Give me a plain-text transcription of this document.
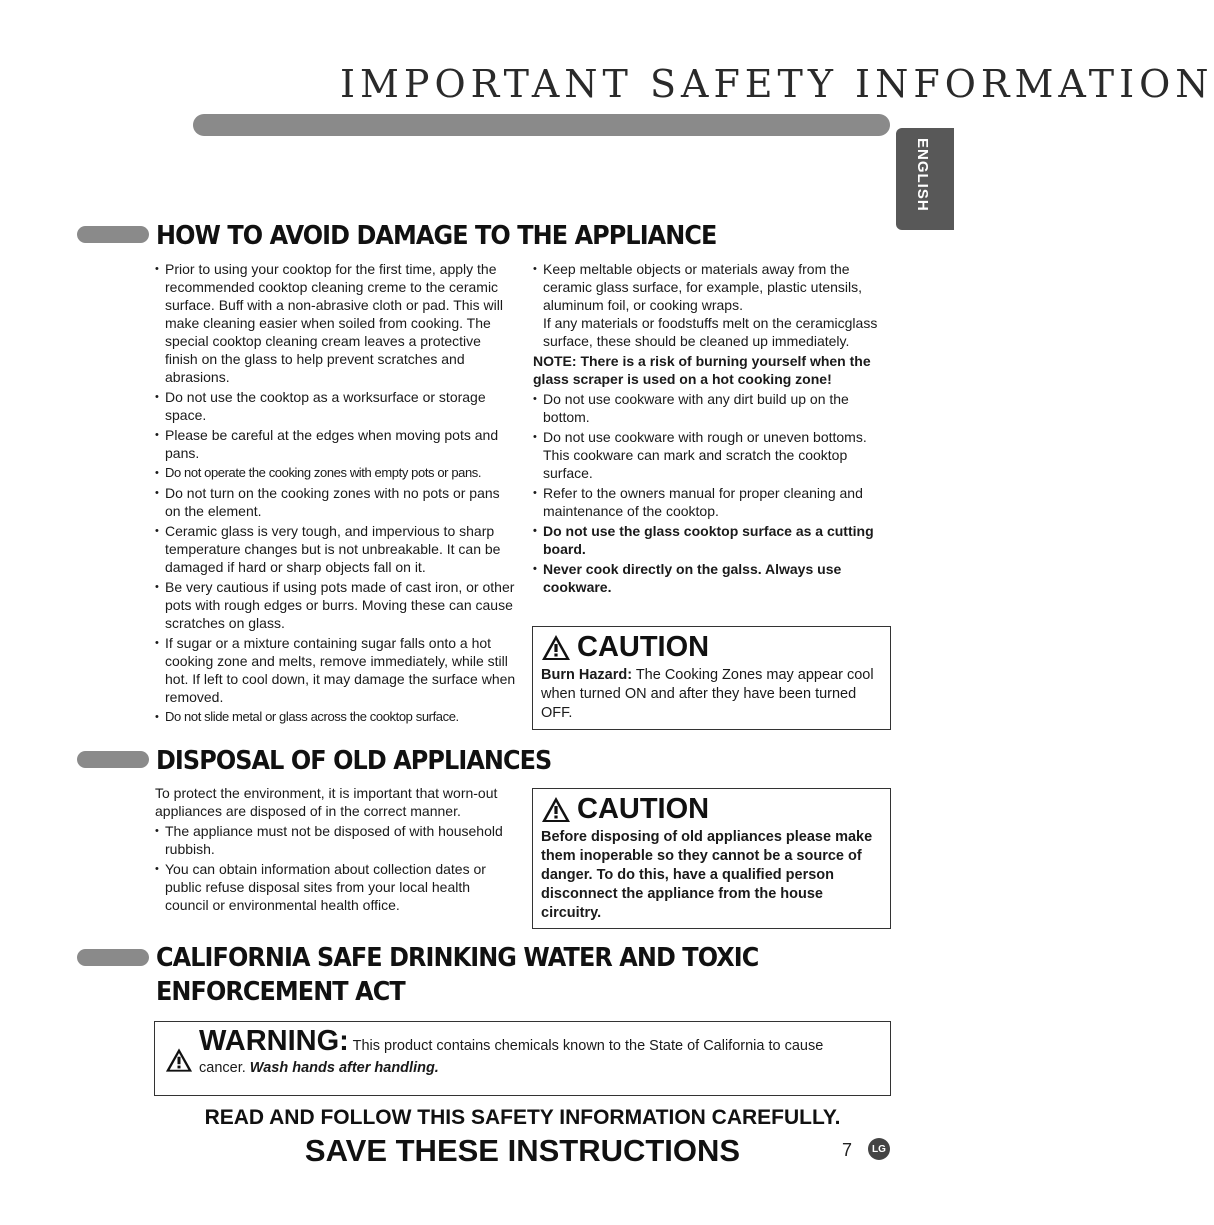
IMPORTANT SAFETY INFORMATION
ENGLISH
HOW TO AVOID DAMAGE TO THE APPLIANCE
• Prior to using your cooktop for the first time, apply the recommended cooktop cleaning creme to the ceramic surface. Buff with a non-abrasive cloth or pad. This will make cleaning easier when soiled from cooking. The special cooktop cleaning cream leaves a protective finish on the glass to help prevent scratches and abrasions.
• Do not use the cooktop as a worksurface or storage space.
• Please be careful at the edges when moving pots and pans.
• Do not operate the cooking zones with empty pots or pans.
• Do not turn on the cooking zones with no pots or pans on the element.
• Ceramic glass is very tough, and impervious to sharp temperature changes but is not unbreakable. It can be damaged if hard or sharp objects fall on it.
• Be very cautious if using pots made of cast iron, or other pots with rough edges or burrs. Moving these can cause scratches on glass.
• If sugar or a mixture containing sugar falls onto a hot cooking zone and melts, remove immediately, while still hot. If left to cool down, it may damage the surface when removed.
• Do not slide metal or glass across the cooktop surface.
• Keep meltable objects or materials away from the ceramic glass surface, for example, plastic utensils, aluminum foil, or cooking wraps.
If any materials or foodstuffs melt on the ceramicglass surface, these should be cleaned up immediately.

NOTE: There is a risk of burning yourself when the glass scraper is used on a hot cooking zone!

• Do not use cookware with any dirt build up on the bottom.
• Do not use cookware with rough or uneven bottoms. This cookware can mark and scratch the cooktop surface.
• Refer to the owners manual for proper cleaning and maintenance of the cooktop.
• Do not use the glass cooktop surface as a cutting board.
• Never cook directly on the galss. Always use cookware.
CAUTION
Burn Hazard: The Cooking Zones may appear cool when turned ON and after they have been turned OFF.
DISPOSAL OF OLD APPLIANCES

To protect the environment, it is important that worn-out appliances are disposed of in the correct manner.

• The appliance must not be disposed of with household rubbish.
• You can obtain information about collection dates or public refuse disposal sites from your local health council or environmental health office.
CAUTION
Before disposing of old appliances please make them inoperable so they cannot be a source of danger. To do this, have a qualified person disconnect the appliance from the house circuitry.
CALIFORNIA SAFE DRINKING WATER AND TOXIC
ENFORCEMENT ACT
WARNING: This product contains chemicals known to the State of California to cause cancer. Wash hands after handling.
READ AND FOLLOW THIS SAFETY INFORMATION CAREFULLY.
SAVE THESE INSTRUCTIONS	7	LG
